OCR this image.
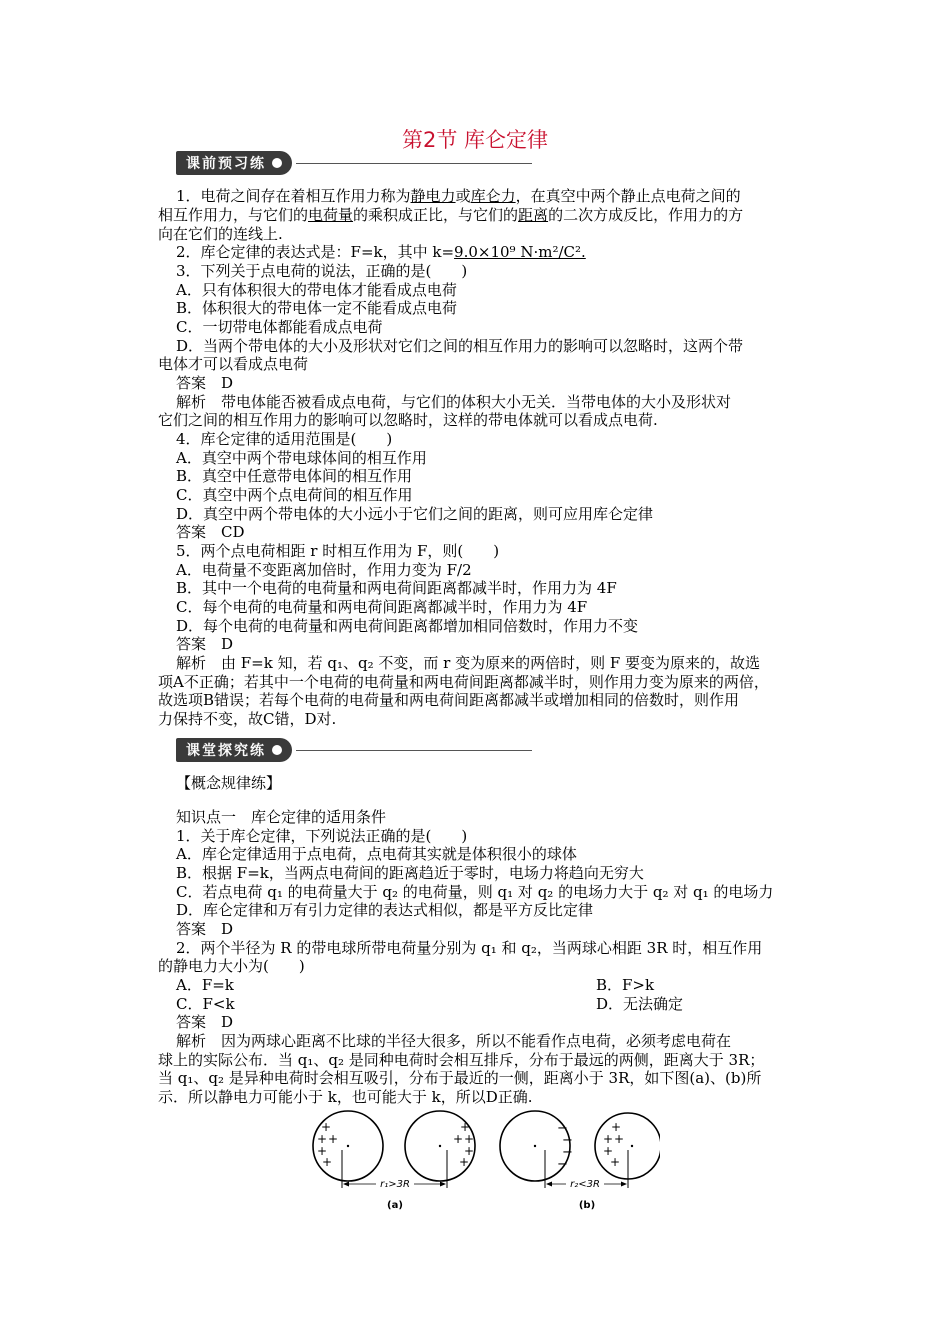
第2节 库仑定律
课前预习练
1．电荷之间存在着相互作用力称为静电力或库仑力，在真空中两个静止点电荷之间的
相互作用力，与它们的电荷量的乘积成正比，与它们的距离的二次方成反比，作用力的方
向在它们的连线上.
2．库仑定律的表达式是：F=k，其中 k=9.0×10⁹ N·m²/C².
3．下列关于点电荷的说法，正确的是(　　)
A．只有体积很大的带电体才能看成点电荷
B．体积很大的带电体一定不能看成点电荷
C．一切带电体都能看成点电荷
D．当两个带电体的大小及形状对它们之间的相互作用力的影响可以忽略时，这两个带
电体才可以看成点电荷
答案　D
解析　带电体能否被看成点电荷，与它们的体积大小无关．当带电体的大小及形状对
它们之间的相互作用力的影响可以忽略时，这样的带电体就可以看成点电荷.
4．库仑定律的适用范围是(　　)
A．真空中两个带电球体间的相互作用
B．真空中任意带电体间的相互作用
C．真空中两个点电荷间的相互作用
D．真空中两个带电体的大小远小于它们之间的距离，则可应用库仑定律
答案　CD
5．两个点电荷相距 r 时相互作用为 F，则(　　)
A．电荷量不变距离加倍时，作用力变为 F/2
B．其中一个电荷的电荷量和两电荷间距离都减半时，作用力为 4F
C．每个电荷的电荷量和两电荷间距离都减半时，作用力为 4F
D．每个电荷的电荷量和两电荷间距离都增加相同倍数时，作用力不变
答案　D
解析　由 F=k 知，若 q₁、q₂ 不变，而 r 变为原来的两倍时，则 F 要变为原来的，故选
项A不正确；若其中一个电荷的电荷量和两电荷间距离都减半时，则作用力变为原来的两倍，
故选项B错误；若每个电荷的电荷量和两电荷间距离都减半或增加相同的倍数时，则作用
力保持不变，故C错，D对.
课堂探究练
【概念规律练】
知识点一　库仑定律的适用条件
1．关于库仑定律，下列说法正确的是(　　)
A．库仑定律适用于点电荷，点电荷其实就是体积很小的球体
B．根据 F=k，当两点电荷间的距离趋近于零时，电场力将趋向无穷大
C．若点电荷 q₁ 的电荷量大于 q₂ 的电荷量，则 q₁ 对 q₂ 的电场力大于 q₂ 对 q₁ 的电场力
D．库仑定律和万有引力定律的表达式相似，都是平方反比定律
答案　D
2．两个半径为 R 的带电球所带电荷量分别为 q₁ 和 q₂，当两球心相距 3R 时，相互作用
的静电力大小为(　　)
A．F=k	B．F>k
C．F<k	D．无法确定
答案　D
解析　因为两球心距离不比球的半径大很多，所以不能看作点电荷，必须考虑电荷在
球上的实际公布．当 q₁、q₂ 是同种电荷时会相互排斥，分布于最远的两侧，距离大于 3R；
当 q₁、q₂ 是异种电荷时会相互吸引，分布于最近的一侧，距离小于 3R，如下图(a)、(b)所
示．所以静电力可能小于 k，也可能大于 k，所以D正确.
+
+ +
+
+
+
+
+
+
+
r₁>3R
(a)
−
−
−
−
+
+ +
+
+
r₂<3R
(b)
